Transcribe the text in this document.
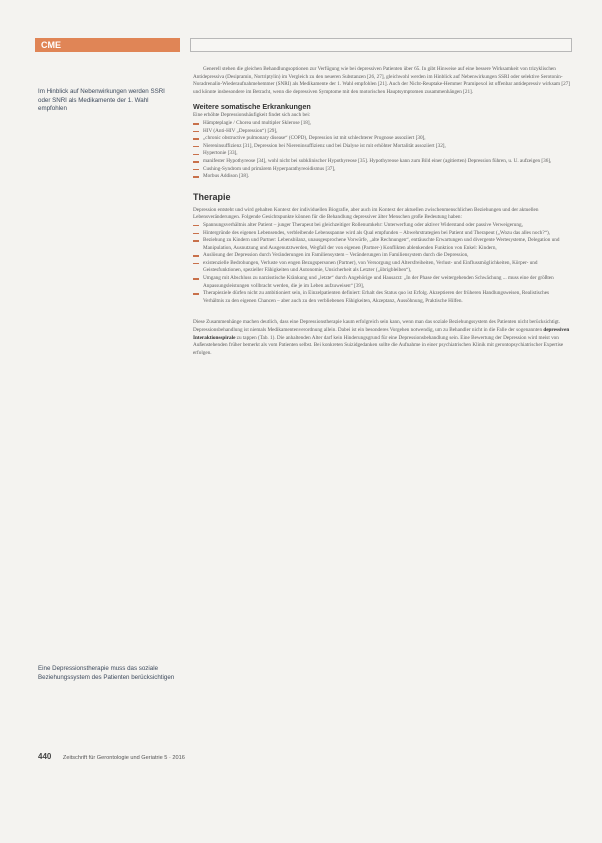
CME
Im Hinblick auf Nebenwirkungen werden SSRI oder SNRI als Medikamente der 1. Wahl empfohlen
Eine Depressionstherapie muss das soziale Beziehungssystem des Patienten berücksichtigen

Generell stehen die gleichen Behandlungsoptionen zur Verfügung wie bei depressiven Patienten über 65. In gibt Hinweise auf eine bessere Wirksamkeit von trizyklischen Antidepressiva (Desipramin, Nortriptylin) im Vergleich zu den neueren Substanzen [26, 27], gleichwohl werden im Hinblick auf Nebenwirkungen SSRI oder selektive Serotonin-Noradrenalin-Wiederaufnahmehemmer (SNRI) als Medikamente der 1. Wahl empfohlen [21]. Auch der Nicht-Reuptake-Hemmer Pramipexol ist offenbar antidepressiv wirksam [27] und könnte insbesondere im Betracht, wenn die depressiven Symptome mit den motorischen Hauptsymptomen zusammenhängen [21].

Weitere somatische Erkrankungen

Eine erhöhte Depressionshäufigkeit findet sich auch bei:

Hämpteplagie / Chorea und multipler Sklerose [18],
HIV (Anti-HIV „Depression“) [29],
„chronic obstructive pulmonary disease“ (COPD), Depression ist mit schlechterer Prognose assoziiert [30],
Niereninsuffizienz [31], Depression bei Niereninsuffizienz und bei Dialyse ist mit erhöhter Mortalität assoziiert [32],
Hypertonie [33],
manifester Hypothyreose [34], wohl nicht bei subklinischer Hypothyreose [35]. Hypothyreose kann zum Bild einer (agitierten) Depression führen, u. U. aufzeigen [36],
Cushing-Syndrom und primärem Hyperparathyreoidismus [37],
Morbus Addison [38].
Therapie

Depression entsteht und wird gehalten Kontext der individuellen Biografie, aber auch im Kontext der aktuellen zwischenmenschlichen Beziehungen und der aktuellen Lebensveränderungen. Folgende Gesichtspunkte können für die Behandlung depressiver älter Menschen große Bedeutung haben:

Spannungsverhältnis alter Patient – junger Therapeut bei gleichzeitiger Rollenumkehr: Unterwerfung oder aktiver Widerstand oder passive Verweigerung,
Hintergründe des eigenen Lebensendes, verbleibende Lebensspanne wird als Qual empfunden – Abwehrstrategien bei Patient und Therapeut („Wozu das alles noch?“),
Beziehung zu Kindern und Partner: Lebensbilanz, unausgesprochene Vorwürfe, „alte Rechnungen“, enttäuschte Erwartungen und divergente Wertesysteme, Delegation und Manipulation, Ausnutzung und Ausgenutztwerden, Wegfall der von eigenen (Partner-) Konflikten ablenkenden Funktion von Enkel: Kindern,
Auslösung der Depression durch Veränderungen im Familiensystem – Veränderungen im Familiensystem durch die Depression,
existenzielle Bedrohungen, Verluste von engen Bezugspersonen (Partner), von Versorgung und Altersfreiheiten, Verlust- und Einflussmöglichkeiten, Körper- und Geistesfunktionen, spezieller Fähigkeiten und Autonomie, Unsicherheit als Letzter („übrigbleiben“),
Umgang mit Abschluss zu narzisstische Kränkung und „letzte“ durch Angehörige und Hausarzt: „In der Phase der weitergehenden Schwächung ... muss eine der größten Anpassungsleistungen vollbracht werden, die je im Leben aufzuweisen“ [39],
Therapieziele dürfen nicht zu ambitioniert sein, in Einzelpatienten definiert: Erhalt des Status quo ist Erfolg. Akzeptieren der früheren Handlungsweisen, Realistisches Verhältnis zu den eigenen Chancen – aber auch zu den verbliebenen Fähigkeiten, Akzeptanz, Aussöhnung, Praktische Hilfen.

Diese Zusammenhänge machen deutlich, dass eine Depressionstherapie kaum erfolgreich sein kann, wenn man das soziale Beziehungssystem des Patienten nicht berücksichtigt. Depressionsbehandlung ist niemals Medikamentenverordnung allein. Dabei ist ein besonderes Vorgehen notwendig, um zu Behandler nicht in die Falle der sogenannten depressiven Interaktionsspirale zu tappen (Tab. 1). Die anhaltenden Alter darf kein Hinderungsgrund für eine Depressionsbehandlung sein. Eine Bewertung der Depression wird meist von Außenstehenden früher bemerkt als vom Patienten selbst. Bei konkreten Suizidgedanken sollte die Aufnahme in einer psychiatrischen Klinik mit gerontopsychiatrischer Expertise erfolgen.

440 Zeitschrift für Gerontologie und Geriatrie 5 · 2016
